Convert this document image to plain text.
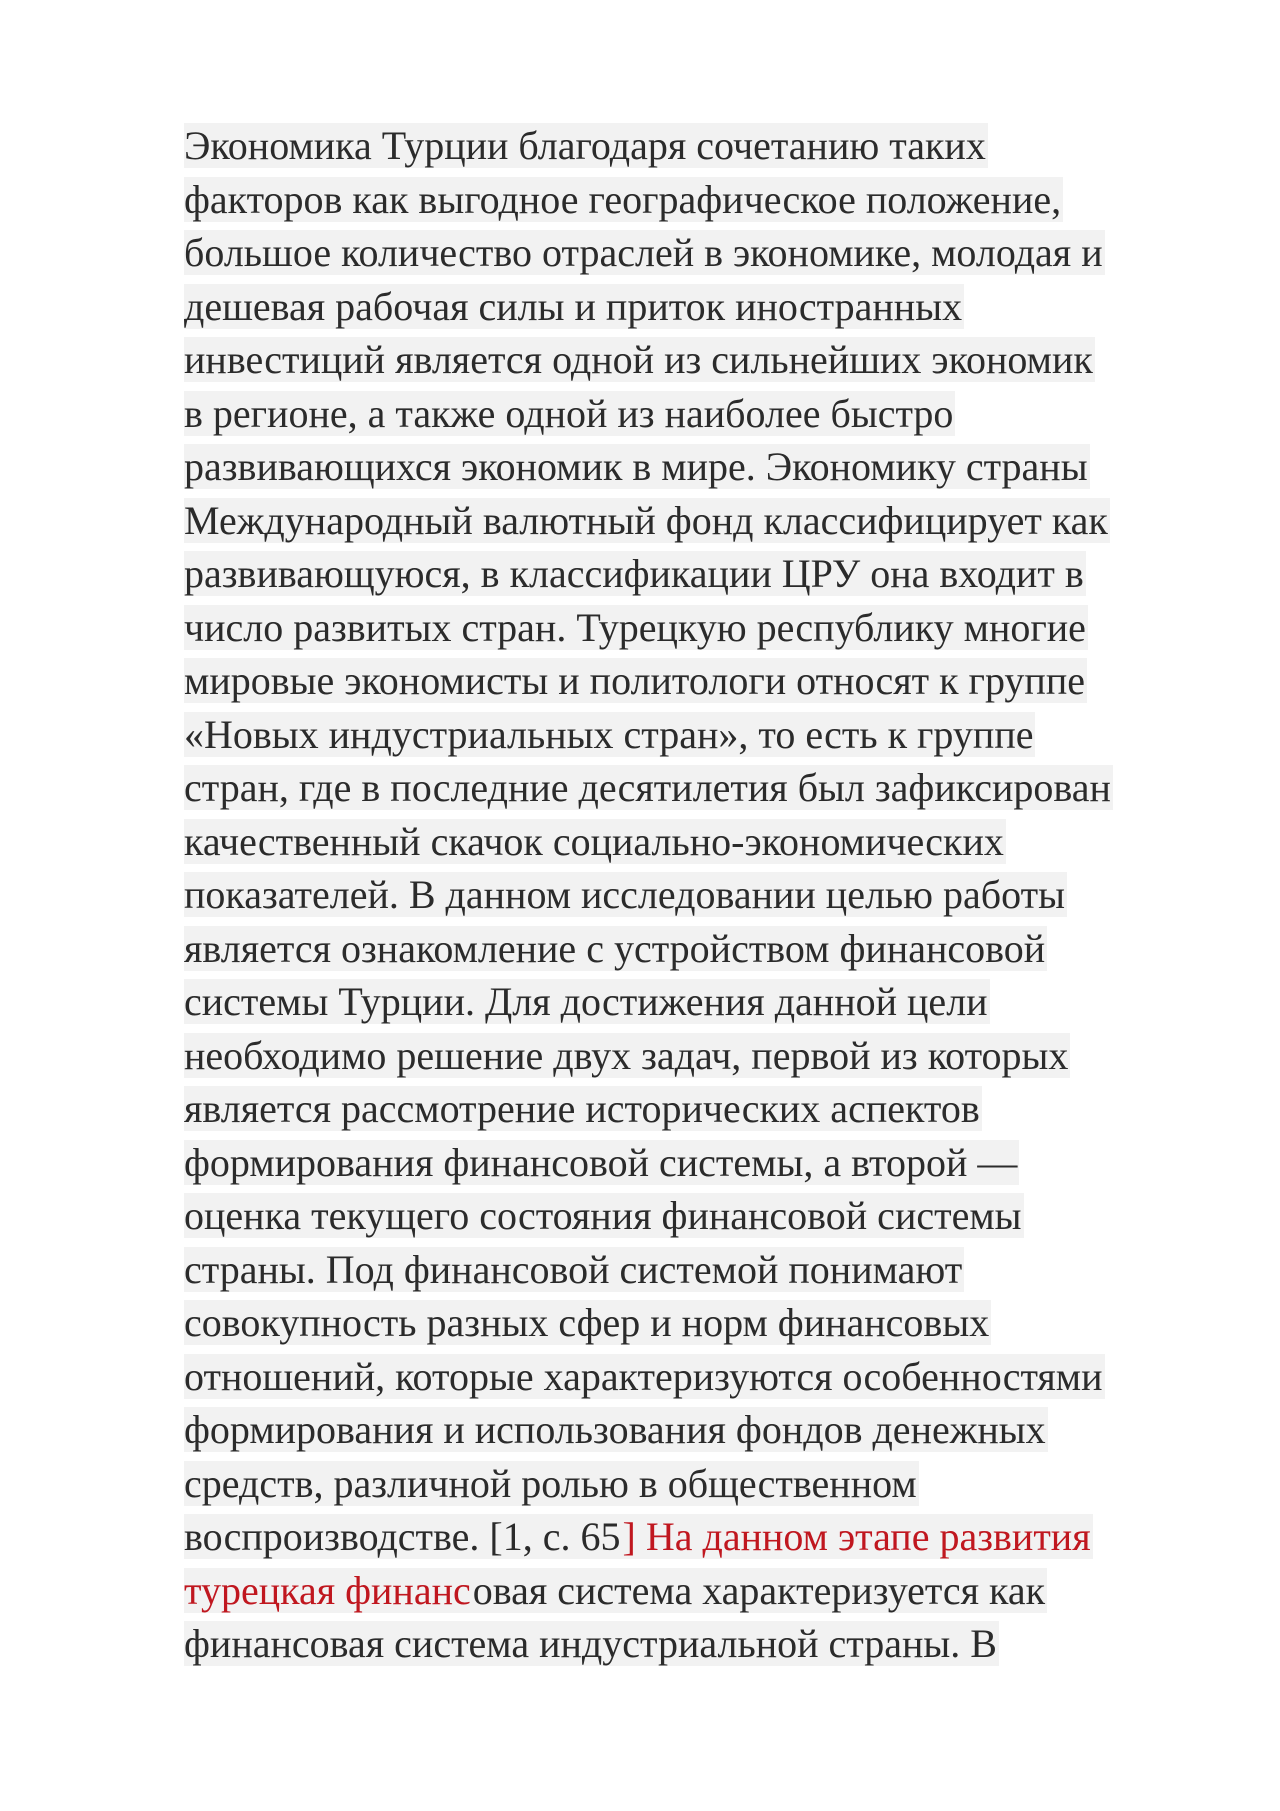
Экономика Турции благодаря сочетанию таких
факторов как выгодное географическое положение,
большое количество отраслей в экономике, молодая и
дешевая рабочая силы и приток иностранных
инвестиций является одной из сильнейших экономик
в регионе, а также одной из наиболее быстро
развивающихся экономик в мире. Экономику страны
Международный валютный фонд классифицирует как
развивающуюся, в классификации ЦРУ она входит в
число развитых стран. Турецкую республику многие
мировые экономисты и политологи относят к группе
«Новых индустриальных стран», то есть к группе
стран, где в последние десятилетия был зафиксирован
качественный скачок социально-экономических
показателей. В данном исследовании целью работы
является ознакомление с устройством финансовой
системы Турции. Для достижения данной цели
необходимо решение двух задач, первой из которых
является рассмотрение исторических аспектов
формирования финансовой системы, а второй —
оценка текущего состояния финансовой системы
страны. Под финансовой системой понимают
совокупность разных сфер и норм финансовых
отношений, которые характеризуются особенностями
формирования и использования фондов денежных
средств, различной ролью в общественном
воспроизводстве. [1, с. 65] На данном этапе развития
турецкая финансовая система характеризуется как
финансовая система индустриальной страны. В
